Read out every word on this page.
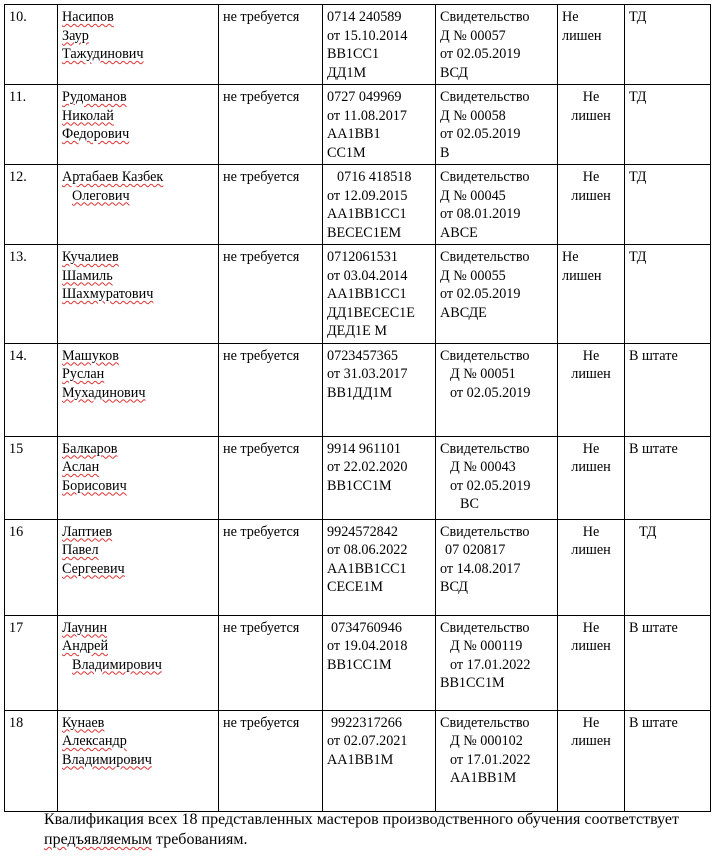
10.	Насипов
Заур
Тажудинович	не требуется	0714 240589
от 15.10.2014
ВВ1СС1
ДД1М	Свидетельство
Д № 00057
от 02.05.2019
ВСД	Не
лишен	ТД

11.	Рудоманов
Николай
Федорович	не требуется	0727 049969
от 11.08.2017
АА1ВВ1
СС1М	Свидетельство
Д № 00058
от 02.05.2019
В	Не
лишен	ТД

12.	Артабаев Казбек
Олегович	не требуется	0716 418518
от 12.09.2015
АА1ВВ1СС1
ВЕСЕС1ЕМ	Свидетельство
Д № 00045
от 08.01.2019
АВСЕ	Не
лишен	ТД

13.	Кучалиев
Шамиль
Шахмуратович	не требуется	0712061531
от 03.04.2014
АА1ВВ1СС1
ДД1ВЕСЕС1Е
ДЕД1Е М	Свидетельство
Д № 00055
от 02.05.2019
АВСДЕ	Не
лишен	ТД

14.	Машуков
Руслан
Мухадинович	не требуется	0723457365
от 31.03.2017
ВВ1ДД1М	Свидетельство
Д № 00051
от 02.05.2019	Не
лишен	В штате

15	Балкаров
Аслан
Борисович	не требуется	9914 961101
от 22.02.2020
ВВ1СС1М	Свидетельство
Д № 00043
от 02.05.2019
ВС	Не
лишен	В штате

16	Лаптиев
Павел
Сергеевич	не требуется	9924572842
от 08.06.2022
АА1ВВ1СС1
СЕСЕ1М	Свидетельство
07 020817
от 14.08.2017
ВСД	Не
лишен	ТД

17	Лаунин
Андрей
Владимирович	не требуется	0734760946
от 19.04.2018
ВВ1СС1М	Свидетельство
Д № 000119
от 17.01.2022
ВВ1СС1М	Не
лишен	В штате

18	Кунаев
Александр
Владимирович	не требуется	9922317266
от 02.07.2021
АА1ВВ1М	Свидетельство
Д № 000102
от 17.01.2022
АА1ВВ1М	Не
лишен	В штате
Квалификация всех 18 представленных мастеров производственного обучения соответствует предъявляемым требованиям.
